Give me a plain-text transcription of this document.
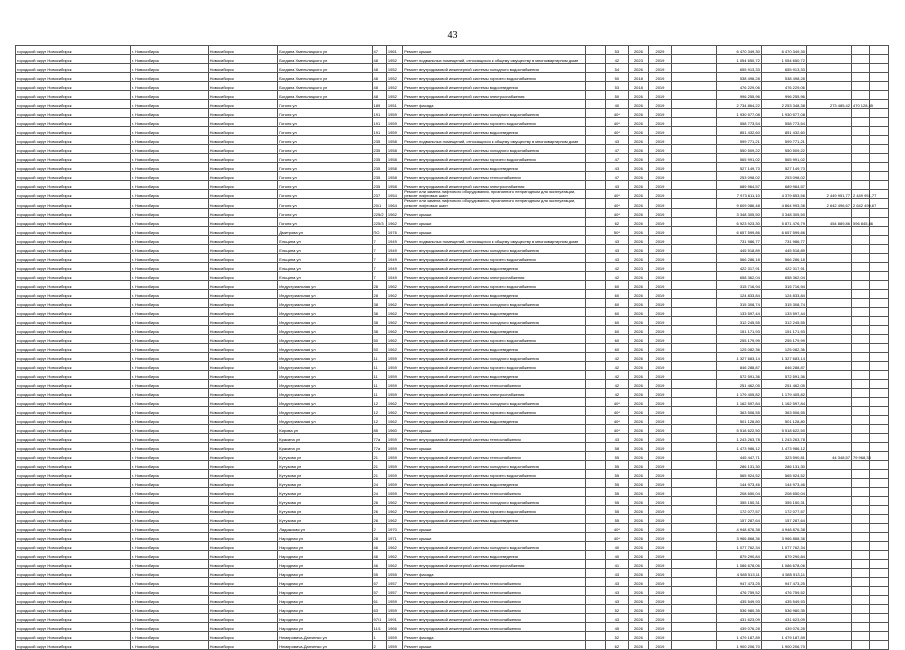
43
городской округ Новосибирск	г. Новосибирск	Новосибирск	Богдана Хмельницкого ул	47	1961	Ремонт крыши		53	2026	2029		6 470 349,30	6 470 349,30			
городской округ Новосибирск	г. Новосибирск	Новосибирск	Богдана Хмельницкого ул	48	1952	Ремонт подвальных помещений, относящихся к общему имуществу в многоквартирном доме		42	2023	2019		1 054 650,72	1 054 650,72			
городской округ Новосибирск	г. Новосибирск	Новосибирск	Богдана Хмельницкого ул	48	1952	Ремонт внутридомовой инженерной системы холодного водоснабжения		54	2026	2019		655 913,33	655 913,33			
городской округ Новосибирск	г. Новосибирск	Новосибирск	Богдана Хмельницкого ул	48	1952	Ремонт внутридомовой инженерной системы горячего водоснабжения		50	2018	2019		538 498,28	538 498,28			
городской округ Новосибирск	г. Новосибирск	Новосибирск	Богдана Хмельницкого ул	48	1952	Ремонт внутридомовой инженерной системы водоотведения		53	2018	2019		476 229,06	476 229,06			
городской округ Новосибирск	г. Новосибирск	Новосибирск	Богдана Хмельницкого ул	48	1952	Ремонт внутридомовой инженерной системы электроснабжения		50	2026	2019		996 255,96	996 255,96			
городской округ Новосибирск	г. Новосибирск	Новосибирск	Гоголя ул	189	1951	Ремонт фасада		40	2026	2019		2 734 864,22	2 253 348,38	273 485,42	470 128,45	
городской округ Новосибирск	г. Новосибирск	Новосибирск	Гоголя ул	191	1959	Ремонт внутридомовой инженерной системы холодного водоснабжения		40*	2026	2019		1 930 577,08	1 930 577,08			
городской округ Новосибирск	г. Новосибирск	Новосибирск	Гоголя ул	191	1959	Ремонт внутридомовой инженерной системы горячего водоснабжения		40*	2026	2019		558 773,54	558 773,54			
городской округ Новосибирск	г. Новосибирск	Новосибирск	Гоголя ул	191	1959	Ремонт внутридомовой инженерной системы водоотведения		40*	2026	2019		851 432,60	851 432,60			
городской округ Новосибирск	г. Новосибирск	Новосибирск	Гоголя ул	235	1958	Ремонт подвальных помещений, относящихся к общему имуществу в многоквартирном доме		43	2026	2019		599 771,21	599 771,21			
городской округ Новосибирск	г. Новосибирск	Новосибирск	Гоголя ул	235	1958	Ремонт внутридомовой инженерной системы холодного водоснабжения		47	2026	2019		550 509,22	550 509,22			
городской округ Новосибирск	г. Новосибирск	Новосибирск	Гоголя ул	235	1958	Ремонт внутридомовой инженерной системы горячего водоснабжения		47	2026	2019		565 991,02	565 991,02			
городской округ Новосибирск	г. Новосибирск	Новосибирск	Гоголя ул	235	1958	Ремонт внутридомовой инженерной системы водоотведения		43	2026	2019		527 149,73	527 149,73			
городской округ Новосибирск	г. Новосибирск	Новосибирск	Гоголя ул	235	1958	Ремонт внутридомовой инженерной системы теплоснабжения		47	2026	2019		253 098,02	253 098,02			
городской округ Новосибирск	г. Новосибирск	Новосибирск	Гоголя ул	235	1958	Ремонт внутридомовой инженерной системы электроснабжения		43	2026	2019		689 964,57	689 964,57			
городской округ Новосибирск	г. Новосибирск	Новосибирск	Гоголя ул	237	1954	Ремонт или замена лифтового оборудования, признанного непригодным для эксплуатации, ремонт лифтовых шахт		40*	2026	2019		7 973 611,10	4 379 853,56	2 449 951,77	2 449 951,77	
городской округ Новосибирск	г. Новосибирск	Новосибирск	Гоголя ул	20/1	1964	Ремонт или замена лифтового оборудования, признанного непригодным для эксплуатации, ремонт лифтовых шахт		40*	2026	2019		9 609 086,48	4 864 993,36	2 642 496,67	2 642 496,67	
городской округ Новосибирск	г. Новосибирск	Новосибирск	Гоголя ул	225/2	1962	Ремонт крыши		40*	2026	2019		3 348 305,50	3 348 305,50			
городской округ Новосибирск	г. Новосибирск	Новосибирск	Гоголя ул	225/3	1962	Ремонт крыши		62	2026	2019		6 923 923,30	5 871 476,79	454 889,86	596 845,86	
городской округ Новосибирск	г. Новосибирск	Новосибирск	Дмитрова ул	ПО	1976	Ремонт крыши		50*	2026	2019		6 657 599,86	6 657 599,86			
городской округ Новосибирск	г. Новосибирск	Новосибирск	Ельцина ул	7	1949	Ремонт подвальных помещений, относящихся к общему имуществу в многоквартирном доме		43	2026	2019		731 986,77	731 986,77			
городской округ Новосибирск	г. Новосибирск	Новосибирск	Ельцина ул	7	1949	Ремонт внутридомовой инженерной системы холодного водоснабжения		43	2026	2019		445 518,89	445 518,89			
городской округ Новосибирск	г. Новосибирск	Новосибирск	Ельцина ул	7	1949	Ремонт внутридомовой инженерной системы горячего водоснабжения		43	2026	2019		566 286,18	566 286,18			
городской округ Новосибирск	г. Новосибирск	Новосибирск	Ельцина ул	7	1949	Ремонт внутридомовой инженерной системы водоотведения		42	2023	2019		422 317,91	422 317,91			
городской округ Новосибирск	г. Новосибирск	Новосибирск	Ельцина ул	7	1949	Ремонт внутридомовой инженерной системы электроснабжения		42	2026	2019		658 362,04	658 362,04			
городской округ Новосибирск	г. Новосибирск	Новосибирск	Индустриальная ул	28	1962	Ремонт внутридомовой инженерной системы горячего водоснабжения		60	2026	2019		315 716,94	315 716,94			
городской округ Новосибирск	г. Новосибирск	Новосибирск	Индустриальная ул	28	1962	Ремонт внутридомовой инженерной системы водоотведения		60	2026	2019		124 833,84	124 833,84			
городской округ Новосибирск	г. Новосибирск	Новосибирск	Индустриальная ул	38	1962	Ремонт внутридомовой инженерной системы холодного водоснабжения		60	2026	2019		315 308,74	315 308,74			
городской округ Новосибирск	г. Новосибирск	Новосибирск	Индустриальная ул	38	1962	Ремонт внутридомовой инженерной системы водоотведения		60	2026	2019		133 597,44	133 597,44			
городской округ Новосибирск	г. Новосибирск	Новосибирск	Индустриальная ул	38	1962	Ремонт внутридомовой инженерной системы холодного водоснабжения		60	2026	2019		312 245,55	312 245,55			
городской округ Новосибирск	г. Новосибирск	Новосибирск	Индустриальная ул	38	1962	Ремонт внутридомовой инженерной системы водоотведения		60	2026	2019		151 171,93	151 171,93			
городской округ Новосибирск	г. Новосибирск	Новосибирск	Индустриальная ул	50	1962	Ремонт внутридомовой инженерной системы горячего водоснабжения		60	2026	2019		255 179,99	255 179,99			
городской округ Новосибирск	г. Новосибирск	Новосибирск	Индустриальная ул	50	1962	Ремонт внутридомовой инженерной системы водоотведения		60	2026	2019		125 082,36	125 082,36			
городской округ Новосибирск	г. Новосибирск	Новосибирск	Индустриальная ул	11	1959	Ремонт внутридомовой инженерной системы холодного водоснабжения		42	2026	2019		1 327 683,14	1 327 683,14			
городской округ Новосибирск	г. Новосибирск	Новосибирск	Индустриальная ул	11	1959	Ремонт внутридомовой инженерной системы горячего водоснабжения		42	2026	2019		846 288,87	846 288,87			
городской округ Новосибирск	г. Новосибирск	Новосибирск	Индустриальная ул	11	1959	Ремонт внутридомовой инженерной системы водоотведения		42	2026	2019		572 591,36	572 591,36			
городской округ Новосибирск	г. Новосибирск	Новосибирск	Индустриальная ул	11	1959	Ремонт внутридомовой инженерной системы теплоснабжения		42	2026	2019		251 462,05	251 462,05			
городской округ Новосибирск	г. Новосибирск	Новосибирск	Индустриальная ул	11	1959	Ремонт внутридомовой инженерной системы электроснабжения		42	2026	2019		1 179 405,82	1 179 405,82			
городской округ Новосибирск	г. Новосибирск	Новосибирск	Индустриальная ул	12	1962	Ремонт внутридомовой инженерной системы холодного водоснабжения		40*	2026	2019		1 162 597,84	1 162 597,84			
городской округ Новосибирск	г. Новосибирск	Новосибирск	Индустриальная ул	12	1962	Ремонт внутридомовой инженерной системы горячего водоснабжения		40*	2026	2019		363 506,55	363 506,55			
городской округ Новосибирск	г. Новосибирск	Новосибирск	Индустриальная ул	12	1962	Ремонт внутридомовой инженерной системы водоотведения		40*	2026	2019		501 128,80	501 128,80			
городской округ Новосибирск	г. Новосибирск	Новосибирск	Кирова ул	85	1960	Ремонт крыши		40*	2026	2019		5 518 622,50	5 518 622,50			
городской округ Новосибирск	г. Новосибирск	Новосибирск	Красина ул	77а	1959	Ремонт внутридомовой инженерной системы теплоснабжения		43	2026	2019		1 243 263,78	1 243 263,78			
городской округ Новосибирск	г. Новосибирск	Новосибирск	Красина ул	77а	1959	Ремонт крыши		58	2026	2019		1 473 986,12	1 473 986,12			
городской округ Новосибирск	г. Новосибирск	Новосибирск	Кутузова ул	21	1959	Ремонт внутридомовой инженерной системы теплоснабжения		55	2026	2019		445 447,71	323 590,81	44 348,57	79 968,33	
городской округ Новосибирск	г. Новосибирск	Новосибирск	Кутузова ул	21	1959	Ремонт внутридомовой инженерной системы холодного водоснабжения		55	2026	2019		286 131,30	286 131,30			
городской округ Новосибирск	г. Новосибирск	Новосибирск	Кутузова ул	21	1959	Ремонт внутридомовой инженерной системы горячего водоснабжения		55	2026	2019		565 924,52	565 924,52			
городской округ Новосибирск	г. Новосибирск	Новосибирск	Кутузова ул	24	1959	Ремонт внутридомовой инженерной системы водоотведения		55	2026	2019		144 973,46	144 973,46			
городской округ Новосибирск	г. Новосибирск	Новосибирск	Кутузова ул	24	1959	Ремонт внутридомовой инженерной системы теплоснабжения		55	2026	2019		208 650,04	208 650,04			
городской округ Новосибирск	г. Новосибирск	Новосибирск	Кутузова ул	26	1962	Ремонт внутридомовой инженерной системы холодного водоснабжения		55	2026	2019		355 150,31	355 150,31			
городской округ Новосибирск	г. Новосибирск	Новосибирск	Кутузова ул	26	1962	Ремонт внутридомовой инженерной системы горячего водоснабжения		55	2026	2019		172 077,57	172 077,57			
городской округ Новосибирск	г. Новосибирск	Новосибирск	Кутузова ул	26	1962	Ремонт внутридомовой инженерной системы водоотведения		55	2026	2019		157 287,64	157 287,64			
городской округ Новосибирск	г. Новосибирск	Новосибирск	Ладожская ул	2	1970	Ремонт крыши		40*	2026	2019		4 948 876,38	4 948 876,38			
городской округ Новосибирск	г. Новосибирск	Новосибирск	Народная ул	28	1971	Ремонт крыши		40*	2026	2019		3 966 868,36	3 966 868,36			
городской округ Новосибирск	г. Новосибирск	Новосибирск	Народная ул	46	1962	Ремонт внутридомовой инженерной системы холодного водоснабжения		40	2026	2019		1 077 762,34	1 077 762,34			
городской округ Новосибирск	г. Новосибирск	Новосибирск	Народная ул	46	1962	Ремонт внутридомовой инженерной системы водоотведения		40	2026	2019		879 290,84	879 290,84			
городской округ Новосибирск	г. Новосибирск	Новосибирск	Народная ул	46	1962	Ремонт внутридомовой инженерной системы электроснабжения		41	2026	2019		1 086 678,06	1 086 678,06			
городской округ Новосибирск	г. Новосибирск	Новосибирск	Народная ул	55	1955	Ремонт фасада		43	2026	2019		4 585 513,11	4 585 513,11			
городской округ Новосибирск	г. Новосибирск	Новосибирск	Народная ул	57	1957	Ремонт внутридомовой инженерной системы теплоснабжения		43	2026	2019		947 473,25	947 473,25			
городской округ Новосибирск	г. Новосибирск	Новосибирск	Народная ул	57	1957	Ремонт внутридомовой инженерной системы теплоснабжения		43	2026	2019		476 759,52	476 759,52			
городской округ Новосибирск	г. Новосибирск	Новосибирск	Народная ул	61	1959	Ремонт внутридомовой инженерной системы теплоснабжения		43	2026	2019		435 549,93	435 549,93			
городской округ Новосибирск	г. Новосибирск	Новосибирск	Народная ул	63	1959	Ремонт внутридомовой инженерной системы теплоснабжения		52	2026	2019		536 980,35	536 980,35			
городской округ Новосибирск	г. Новосибирск	Новосибирск	Народная ул	97/1	1991	Ремонт внутридомовой инженерной системы теплоснабжения		43	2026	2019		431 623,09	431 623,09			
городской округ Новосибирск	г. Новосибирск	Новосибирск	Народная ул	11/1	1966	Ремонт внутридомовой инженерной системы теплоснабжения		45	2026	2019		439 076,28	439 076,28			
городской округ Новосибирск	г. Новосибирск	Новосибирск	Немировича-Данченко ул	1	1959	Ремонт фасада		52	2026	2019		1 479 187,89	1 479 187,89			
городской округ Новосибирск	г. Новосибирск	Новосибирск	Немировича-Данченко ул	2	1959	Ремонт крыши		62	2026	2019		1 900 206,70	1 900 206,70			
